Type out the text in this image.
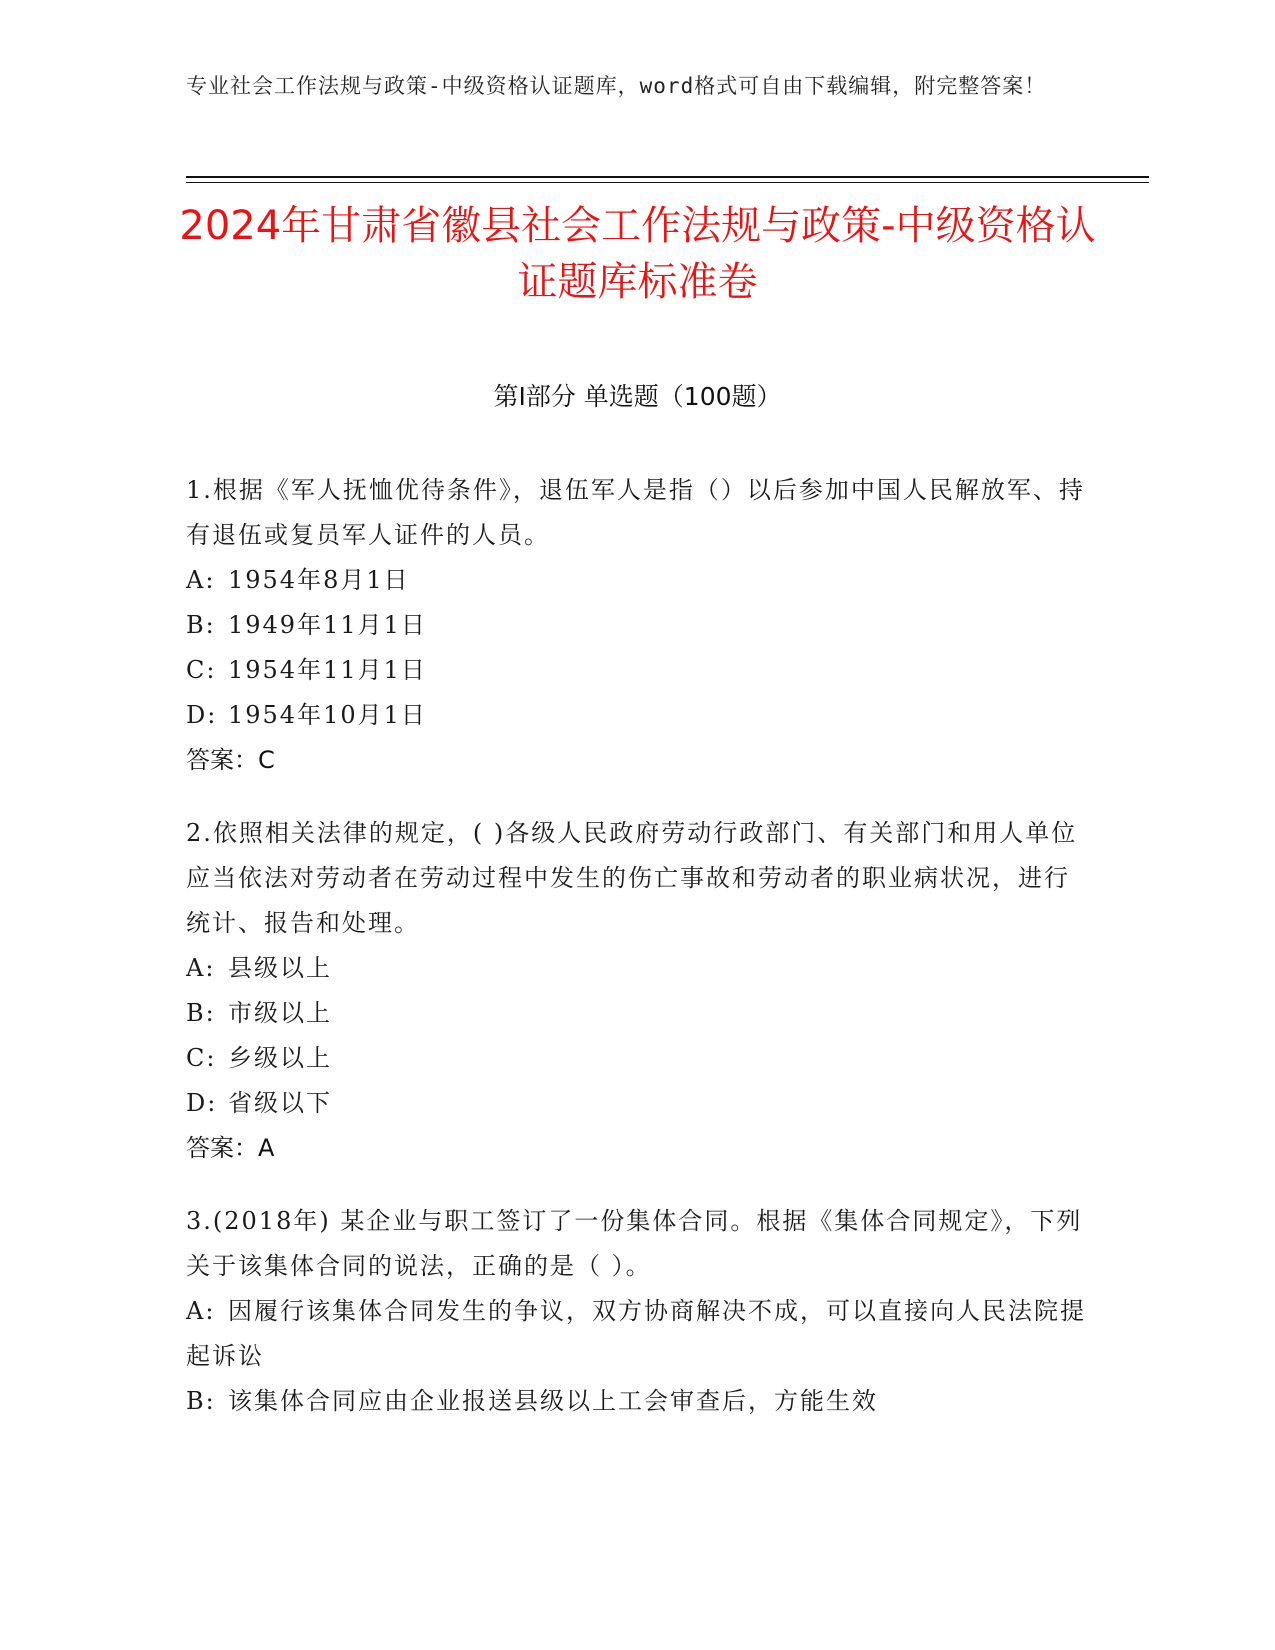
专业社会工作法规与政策-中级资格认证题库，word格式可自由下载编辑，附完整答案！
2024年甘肃省徽县社会工作法规与政策-中级资格认证题库标准卷
第I部分 单选题（100题）
1.根据《军人抚恤优待条件》，退伍军人是指（）以后参加中国人民解放军、持有退伍或复员军人证件的人员。
A: 1954年8月1日
B: 1949年11月1日
C: 1954年11月1日
D: 1954年10月1日
答案：C
2.依照相关法律的规定，( )各级人民政府劳动行政部门、有关部门和用人单位应当依法对劳动者在劳动过程中发生的伤亡事故和劳动者的职业病状况，进行统计、报告和处理。
A: 县级以上
B: 市级以上
C: 乡级以上
D: 省级以下
答案：A
3.(2018年) 某企业与职工签订了一份集体合同。根据《集体合同规定》，下列关于该集体合同的说法，正确的是（ ）。
A: 因履行该集体合同发生的争议，双方协商解决不成，可以直接向人民法院提起诉讼
B: 该集体合同应由企业报送县级以上工会审查后，方能生效
